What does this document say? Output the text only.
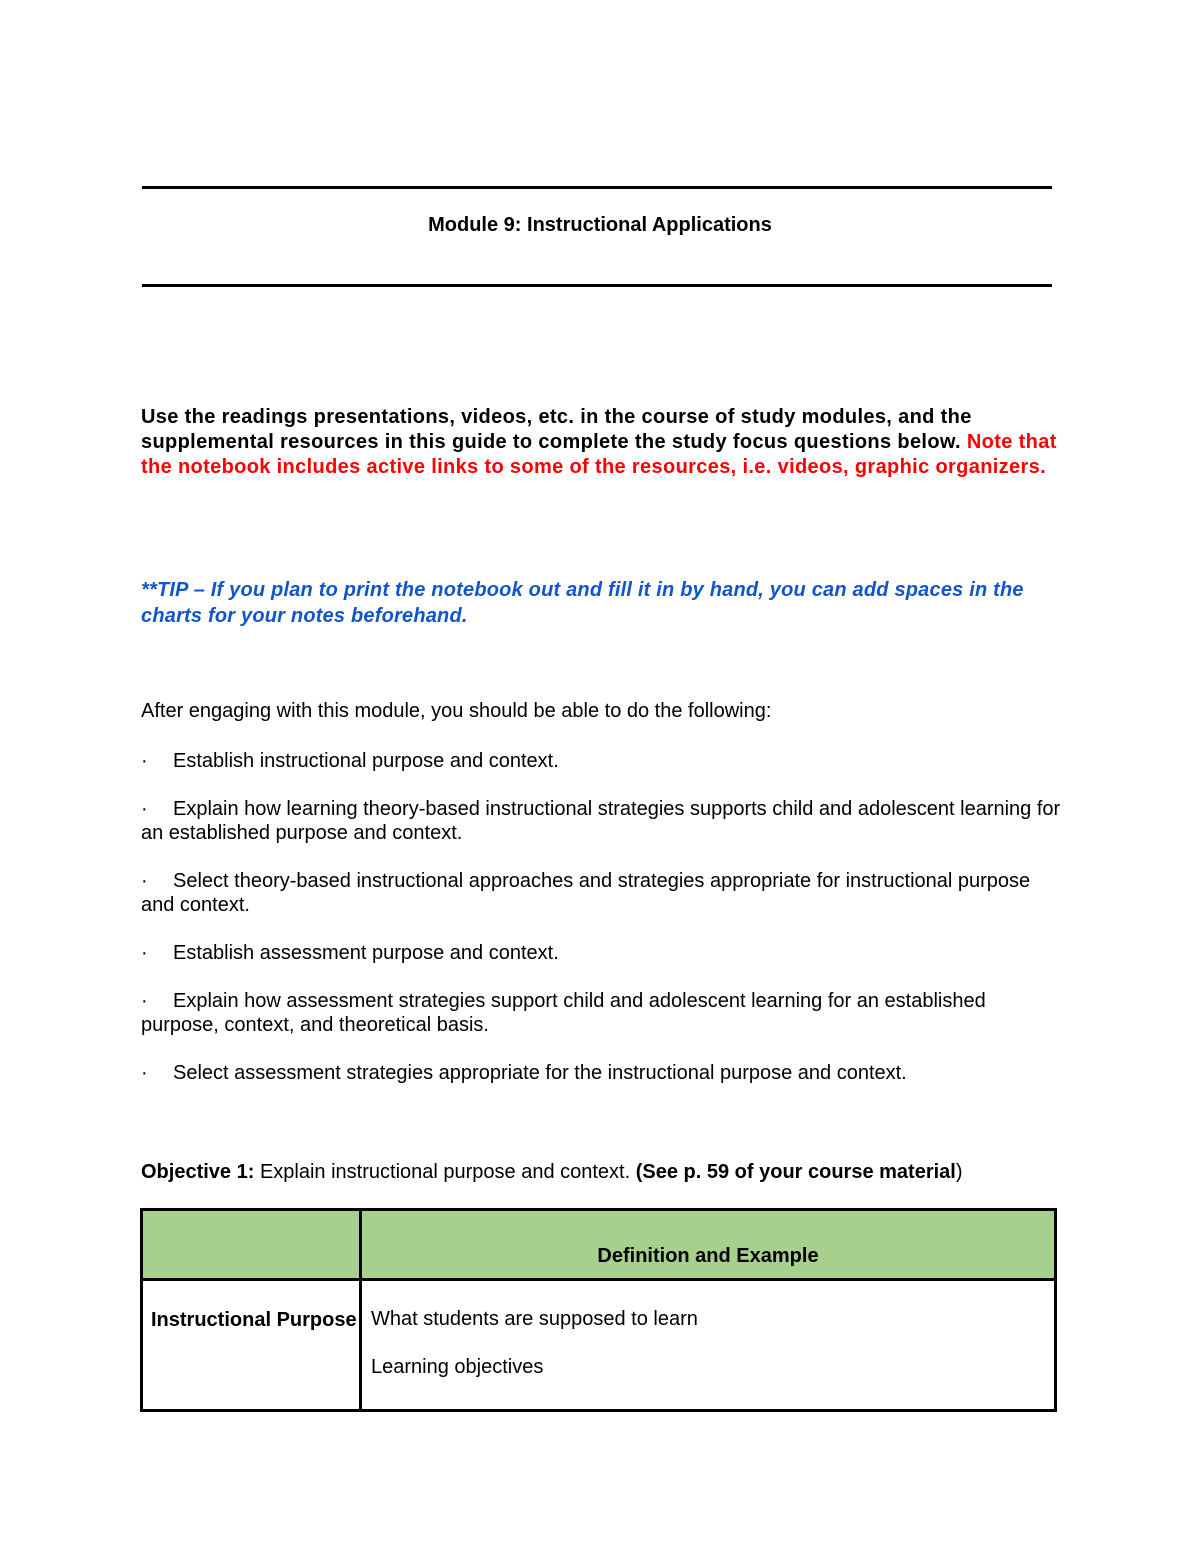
Module 9: Instructional Applications
Use the readings presentations, videos, etc. in the course of study modules, and the supplemental resources in this guide to complete the study focus questions below. Note that the notebook includes active links to some of the resources, i.e. videos, graphic organizers.
**TIP – If you plan to print the notebook out and fill it in by hand, you can add spaces in the charts for your notes beforehand.
After engaging with this module, you should be able to do the following:
· Establish instructional purpose and context.
· Explain how learning theory-based instructional strategies supports child and adolescent learning for an established purpose and context.
· Select theory-based instructional approaches and strategies appropriate for instructional purpose and context.
· Establish assessment purpose and context.
· Explain how assessment strategies support child and adolescent learning for an established purpose, context, and theoretical basis.
· Select assessment strategies appropriate for the instructional purpose and context.
Objective 1: Explain instructional purpose and context. (See p. 59 of your course material)
	Definition and Example

Instructional Purpose	What students are supposed to learn

Learning objectives
